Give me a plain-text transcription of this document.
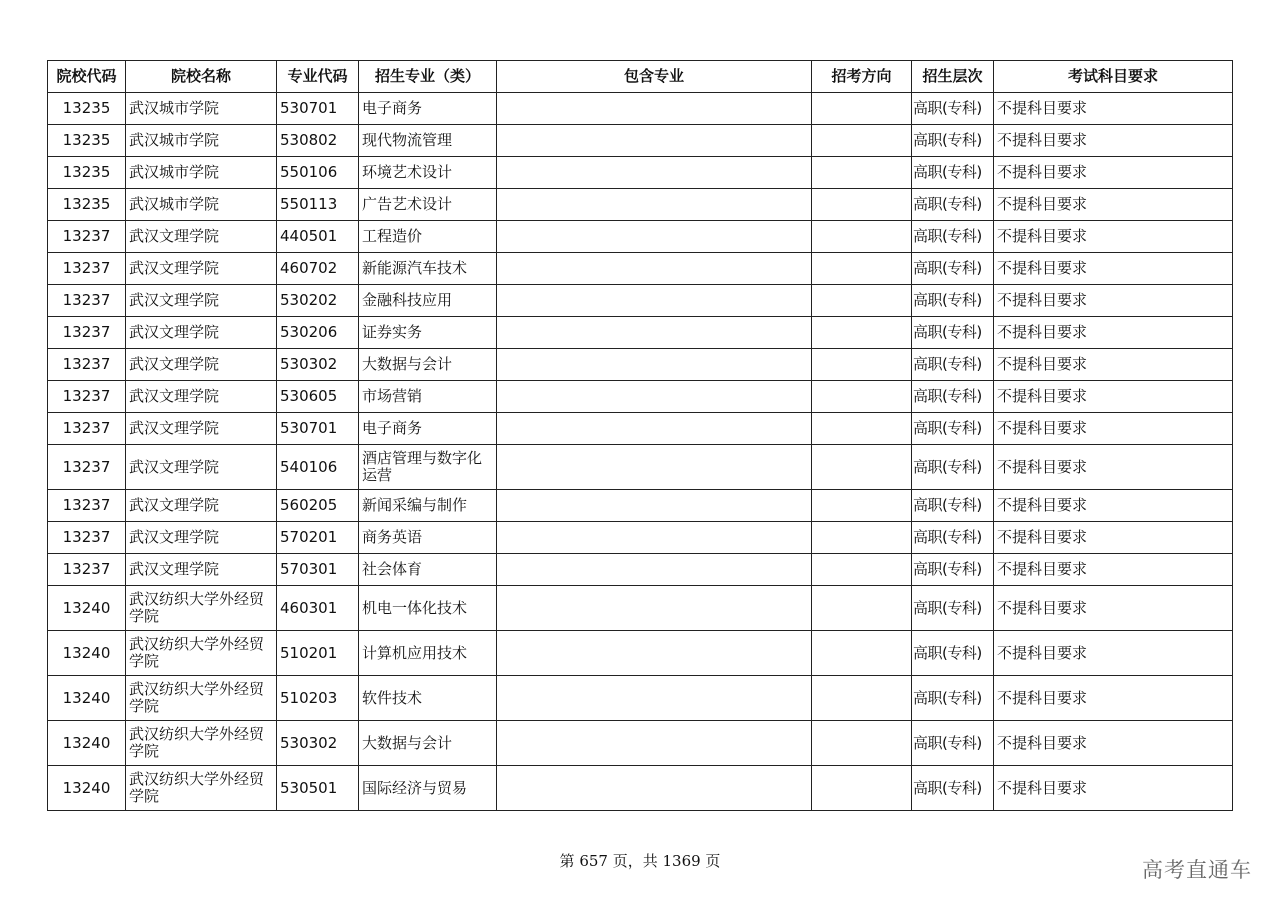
院校代码	院校名称	专业代码	招生专业（类）	包含专业	招考方向	招生层次	考试科目要求
13235	武汉城市学院	530701	电子商务			高职(专科)	不提科目要求
13235	武汉城市学院	530802	现代物流管理			高职(专科)	不提科目要求
13235	武汉城市学院	550106	环境艺术设计			高职(专科)	不提科目要求
13235	武汉城市学院	550113	广告艺术设计			高职(专科)	不提科目要求
13237	武汉文理学院	440501	工程造价			高职(专科)	不提科目要求
13237	武汉文理学院	460702	新能源汽车技术			高职(专科)	不提科目要求
13237	武汉文理学院	530202	金融科技应用			高职(专科)	不提科目要求
13237	武汉文理学院	530206	证券实务			高职(专科)	不提科目要求
13237	武汉文理学院	530302	大数据与会计			高职(专科)	不提科目要求
13237	武汉文理学院	530605	市场营销			高职(专科)	不提科目要求
13237	武汉文理学院	530701	电子商务			高职(专科)	不提科目要求
13237	武汉文理学院	540106	酒店管理与数字化运营			高职(专科)	不提科目要求
13237	武汉文理学院	560205	新闻采编与制作			高职(专科)	不提科目要求
13237	武汉文理学院	570201	商务英语			高职(专科)	不提科目要求
13237	武汉文理学院	570301	社会体育			高职(专科)	不提科目要求
13240	武汉纺织大学外经贸学院	460301	机电一体化技术			高职(专科)	不提科目要求
13240	武汉纺织大学外经贸学院	510201	计算机应用技术			高职(专科)	不提科目要求
13240	武汉纺织大学外经贸学院	510203	软件技术			高职(专科)	不提科目要求
13240	武汉纺织大学外经贸学院	530302	大数据与会计			高职(专科)	不提科目要求
13240	武汉纺织大学外经贸学院	530501	国际经济与贸易			高职(专科)	不提科目要求
第 657 页，共 1369 页	高考直通车
